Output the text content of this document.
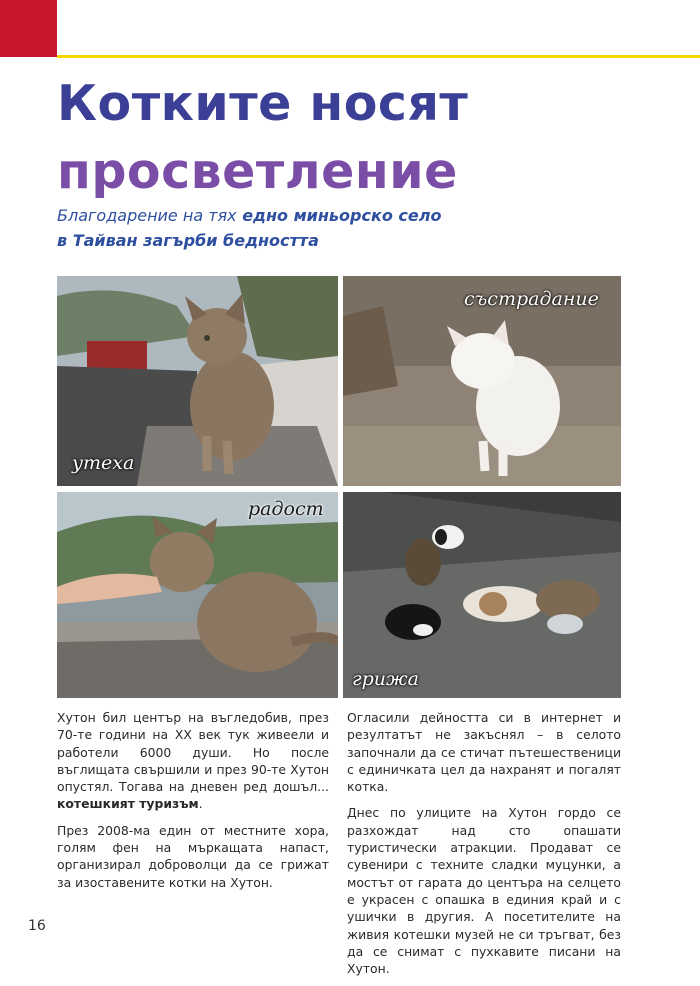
Котките носят
просветление

Благодарение на тях едно миньорско село
в Тайван загърби бедността

утеха
състрадание
радост
грижа

Хутон бил център на въгледобив, през 70-те години на XX век тук живеели и работели 6000 души. Но после въглищата свършили и през 90-те Хутон опустял. Тогава на дневен ред дошъл... котешкият туризъм.

През 2008-ма един от местните хора, голям фен на мъркащата напаст, организирал доброволци да се грижат за изоставените котки на Хутон.

Огласили дейността си в интернет и резултатът не закъснял – в селото започнали да се стичат пътешественици с единичката цел да нахранят и погалят котка.

Днес по улиците на Хутон гордо се разхождат над сто опашати туристически атракции. Продават се сувенири с техните сладки муцунки, а мостът от гарата до центъра на селцето е украсен с опашка в единия край и с ушички в другия. А посетителите на живия котешки музей не си тръгват, без да се снимат с пухкавите писани на Хутон.

16
